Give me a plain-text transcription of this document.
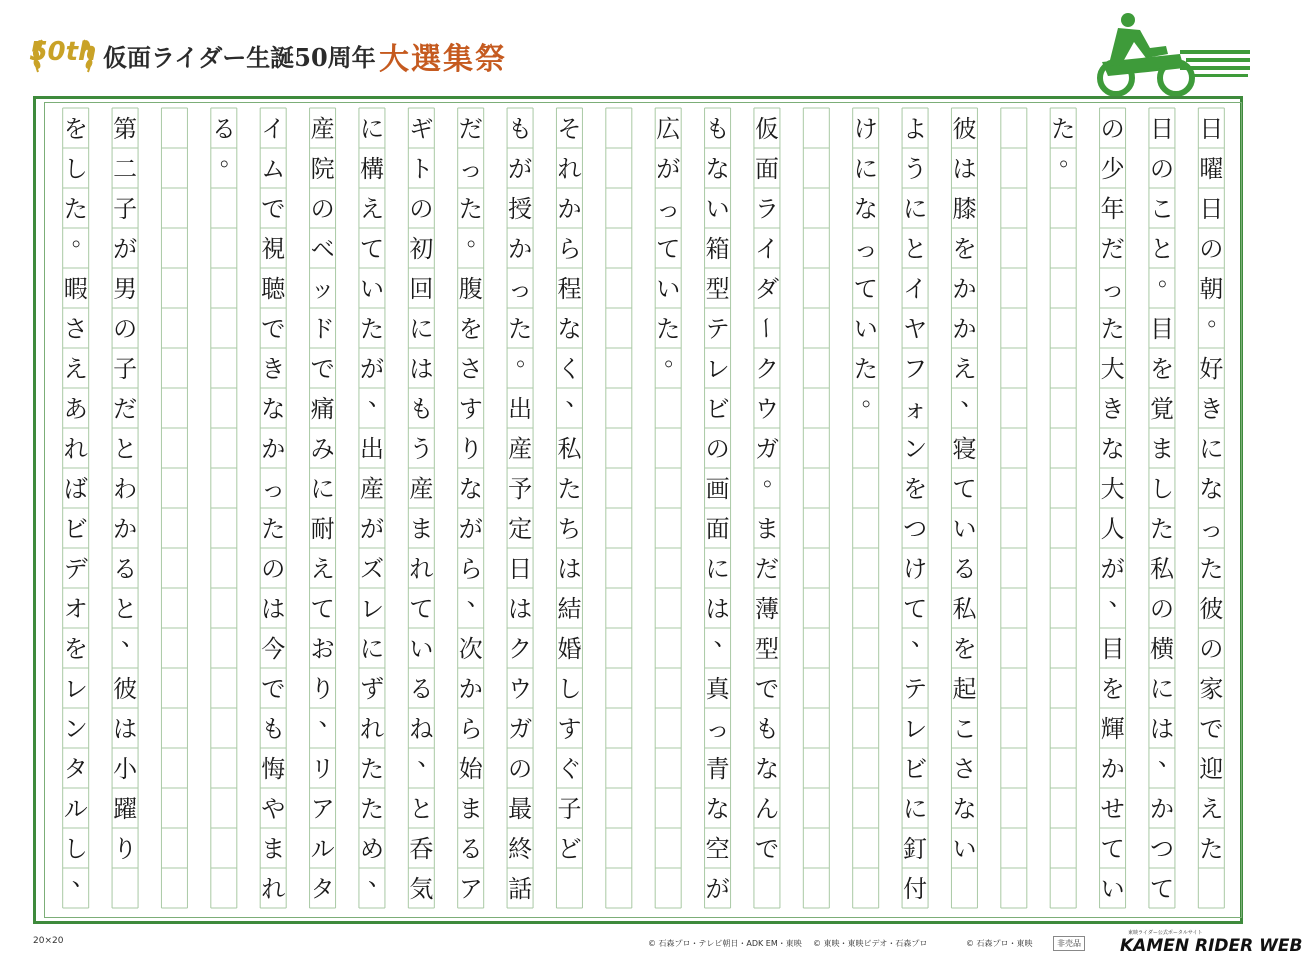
50th 仮面ライダー生誕50周年 大選集祭
日
曜
日
の
朝
。
好
き
に
な
っ
た
彼
の
家
で
迎
え
た
日
の
こ
と
。
目
を
覚
ま
し
た
私
の
横
に
は
、
か
つ
て
の
少
年
だ
っ
た
大
き
な
大
人
が
、
目
を
輝
か
せ
て
い
た
。
彼
は
膝
を
か
か
え
、
寝
て
い
る
私
を
起
こ
さ
な
い
よ
う
に
と
イ
ヤ
フ
ォ
ン
を
つ
け
て
、
テ
レ
ビ
に
釘
付
け
に
な
っ
て
い
た
。
仮
面
ラ
イ
ダ
ー
ク
ウ
ガ
。
ま
だ
薄
型
で
も
な
ん
で
も
な
い
箱
型
テ
レ
ビ
の
画
面
に
は
、
真
っ
青
な
空
が
広
が
っ
て
い
た
。
そ
れ
か
ら
程
な
く
、
私
た
ち
は
結
婚
し
す
ぐ
子
ど
も
が
授
か
っ
た
。
出
産
予
定
日
は
ク
ウ
ガ
の
最
終
話
だ
っ
た
。
腹
を
さ
す
り
な
が
ら
、
次
か
ら
始
ま
る
ア
ギ
ト
の
初
回
に
は
も
う
産
ま
れ
て
い
る
ね
、
と
呑
気
に
構
え
て
い
た
が
、
出
産
が
ズ
レ
に
ず
れ
た
た
め
、
産
院
の
ベ
ッ
ド
で
痛
み
に
耐
え
て
お
り
、
リ
ア
ル
タ
イ
ム
で
視
聴
で
き
な
か
っ
た
の
は
今
で
も
悔
や
ま
れ
る
。
第
二
子
が
男
の
子
だ
と
わ
か
る
と
、
彼
は
小
躍
り
を
し
た
。
暇
さ
え
あ
れ
ば
ビ
デ
オ
を
レ
ン
タ
ル
し
、
20×20	© 石森プロ・テレビ朝日・ADK EM・東映 © 東映・東映ビデオ・石森プロ	© 石森プロ・東映	非売品
東映ライダー公式ポータルサイト
KAMEN RIDER WEB
